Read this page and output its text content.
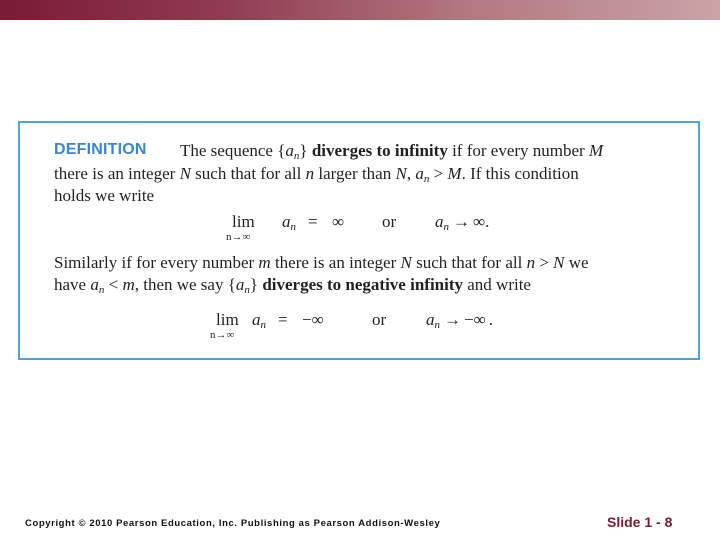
DEFINITION The sequence $\{a_n\}$ diverges to infinity if for every number M
there is an integer N such that for all n larger than N, $a_n > M$. If this condition
holds we write
lim
n→∞
$a_n$ = ∞ or $a_n$ → ∞.
Similarly if for every number m there is an integer N such that for all n > N we
have $a_n < m$, then we say $\{a_n\}$ diverges to negative infinity and write
lim
n→∞
$a_n$ = −∞	or $a_n$ → −∞ .
Copyright © 2010 Pearson Education, Inc. Publishing as Pearson Addison-Wesley	Slide 1 - 8
